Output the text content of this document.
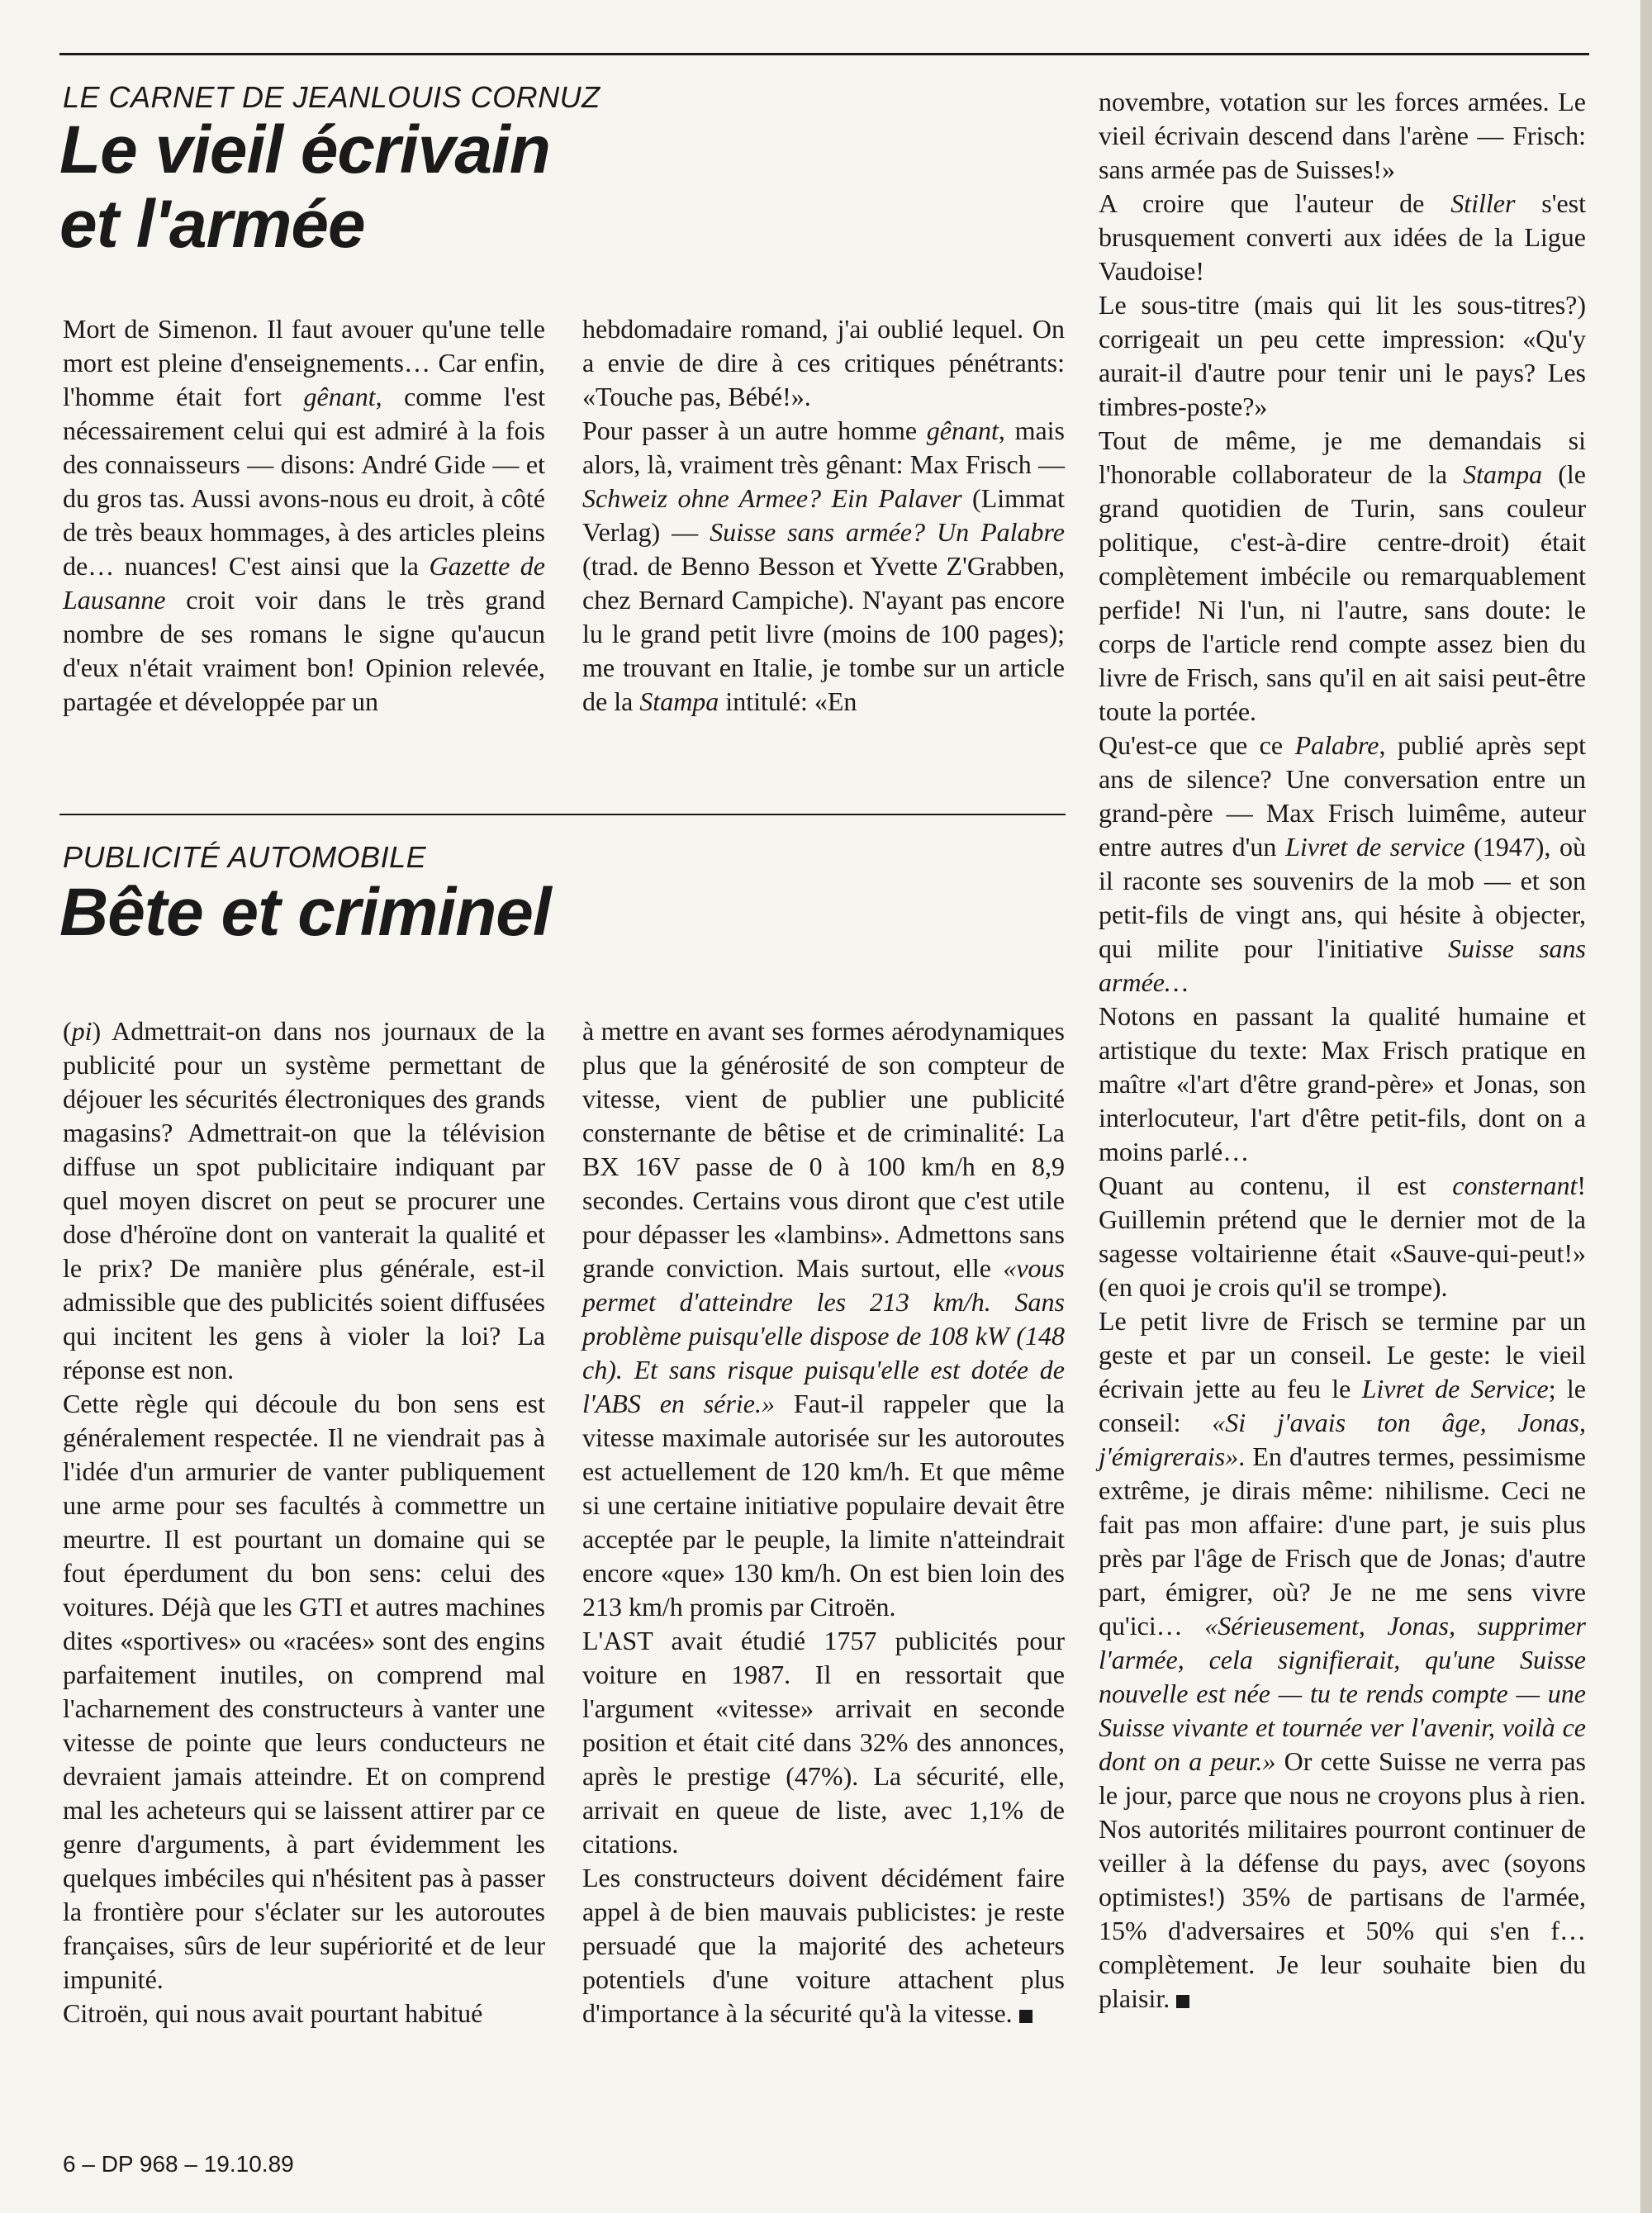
LE CARNET DE JEANLOUIS CORNUZ
Le vieil écrivain
et l'armée

Mort de Simenon. Il faut avouer qu'une telle mort est pleine d'enseignements… Car enfin, l'homme était fort gênant, comme l'est nécessairement celui qui est admiré à la fois des connaisseurs — disons: André Gide — et du gros tas. Aussi avons-nous eu droit, à côté de très beaux hommages, à des articles pleins de… nuances! C'est ainsi que la Gazette de Lausanne croit voir dans le très grand nombre de ses romans le signe qu'aucun d'eux n'était vraiment bon! Opinion relevée, partagée et développée par un

hebdomadaire romand, j'ai oublié lequel. On a envie de dire à ces critiques pénétrants: «Touche pas, Bébé!».

Pour passer à un autre homme gênant, mais alors, là, vraiment très gênant: Max Frisch — Schweiz ohne Armee? Ein Palaver (Limmat Verlag) — Suisse sans armée? Un Palabre (trad. de Benno Besson et Yvette Z'Grabben, chez Bernard Campiche). N'ayant pas encore lu le grand petit livre (moins de 100 pages); me trouvant en Italie, je tombe sur un article de la Stampa intitulé: «En

novembre, votation sur les forces armées. Le vieil écrivain descend dans l'arène — Frisch: sans armée pas de Suisses!»

A croire que l'auteur de Stiller s'est brusquement converti aux idées de la Ligue Vaudoise!

Le sous-titre (mais qui lit les sous-titres?) corrigeait un peu cette impression: «Qu'y aurait-il d'autre pour tenir uni le pays? Les timbres-poste?»

Tout de même, je me demandais si l'honorable collaborateur de la Stampa (le grand quotidien de Turin, sans couleur politique, c'est-à-dire centre-droit) était complètement imbécile ou remarquablement perfide! Ni l'un, ni l'autre, sans doute: le corps de l'article rend compte assez bien du livre de Frisch, sans qu'il en ait saisi peut-être toute la portée.

Qu'est-ce que ce Palabre, publié après sept ans de silence? Une conversation entre un grand-père — Max Frisch luimême, auteur entre autres d'un Livret de service (1947), où il raconte ses souvenirs de la mob — et son petit-fils de vingt ans, qui hésite à objecter, qui milite pour l'initiative Suisse sans armée…

Notons en passant la qualité humaine et artistique du texte: Max Frisch pratique en maître «l'art d'être grand-père» et Jonas, son interlocuteur, l'art d'être petit-fils, dont on a moins parlé…

Quant au contenu, il est consternant! Guillemin prétend que le dernier mot de la sagesse voltairienne était «Sauve-qui-peut!» (en quoi je crois qu'il se trompe).

Le petit livre de Frisch se termine par un geste et par un conseil. Le geste: le vieil écrivain jette au feu le Livret de Service; le conseil: «Si j'avais ton âge, Jonas, j'émigrerais». En d'autres termes, pessimisme extrême, je dirais même: nihilisme. Ceci ne fait pas mon affaire: d'une part, je suis plus près par l'âge de Frisch que de Jonas; d'autre part, émigrer, où? Je ne me sens vivre qu'ici… «Sérieusement, Jonas, supprimer l'armée, cela signifierait, qu'une Suisse nouvelle est née — tu te rends compte — une Suisse vivante et tournée ver l'avenir, voilà ce dont on a peur.» Or cette Suisse ne verra pas le jour, parce que nous ne croyons plus à rien. Nos autorités militaires pourront continuer de veiller à la défense du pays, avec (soyons optimistes!) 35% de partisans de l'armée, 15% d'adversaires et 50% qui s'en f… complètement. Je leur souhaite bien du plaisir.

PUBLICITÉ AUTOMOBILE
Bête et criminel

(pi) Admettrait-on dans nos journaux de la publicité pour un système permettant de déjouer les sécurités électroniques des grands magasins? Admettrait-on que la télévision diffuse un spot publicitaire indiquant par quel moyen discret on peut se procurer une dose d'héroïne dont on vanterait la qualité et le prix? De manière plus générale, est-il admissible que des publicités soient diffusées qui incitent les gens à violer la loi? La réponse est non.

Cette règle qui découle du bon sens est généralement respectée. Il ne viendrait pas à l'idée d'un armurier de vanter publiquement une arme pour ses facultés à commettre un meurtre. Il est pourtant un domaine qui se fout éperdument du bon sens: celui des voitures. Déjà que les GTI et autres machines dites «sportives» ou «racées» sont des engins parfaitement inutiles, on comprend mal l'acharnement des constructeurs à vanter une vitesse de pointe que leurs conducteurs ne devraient jamais atteindre. Et on comprend mal les acheteurs qui se laissent attirer par ce genre d'arguments, à part évidemment les quelques imbéciles qui n'hésitent pas à passer la frontière pour s'éclater sur les autoroutes françaises, sûrs de leur supériorité et de leur impunité.

Citroën, qui nous avait pourtant habitué

à mettre en avant ses formes aérodynamiques plus que la générosité de son compteur de vitesse, vient de publier une publicité consternante de bêtise et de criminalité: La BX 16V passe de 0 à 100 km/h en 8,9 secondes. Certains vous diront que c'est utile pour dépasser les «lambins». Admettons sans grande conviction. Mais surtout, elle «vous permet d'atteindre les 213 km/h. Sans problème puisqu'elle dispose de 108 kW (148 ch). Et sans risque puisqu'elle est dotée de l'ABS en série.» Faut-il rappeler que la vitesse maximale autorisée sur les autoroutes est actuellement de 120 km/h. Et que même si une certaine initiative populaire devait être acceptée par le peuple, la limite n'atteindrait encore «que» 130 km/h. On est bien loin des 213 km/h promis par Citroën.

L'AST avait étudié 1757 publicités pour voiture en 1987. Il en ressortait que l'argument «vitesse» arrivait en seconde position et était cité dans 32% des annonces, après le prestige (47%). La sécurité, elle, arrivait en queue de liste, avec 1,1% de citations.

Les constructeurs doivent décidément faire appel à de bien mauvais publicistes: je reste persuadé que la majorité des acheteurs potentiels d'une voiture attachent plus d'importance à la sécurité qu'à la vitesse.

6 – DP 968 – 19.10.89
